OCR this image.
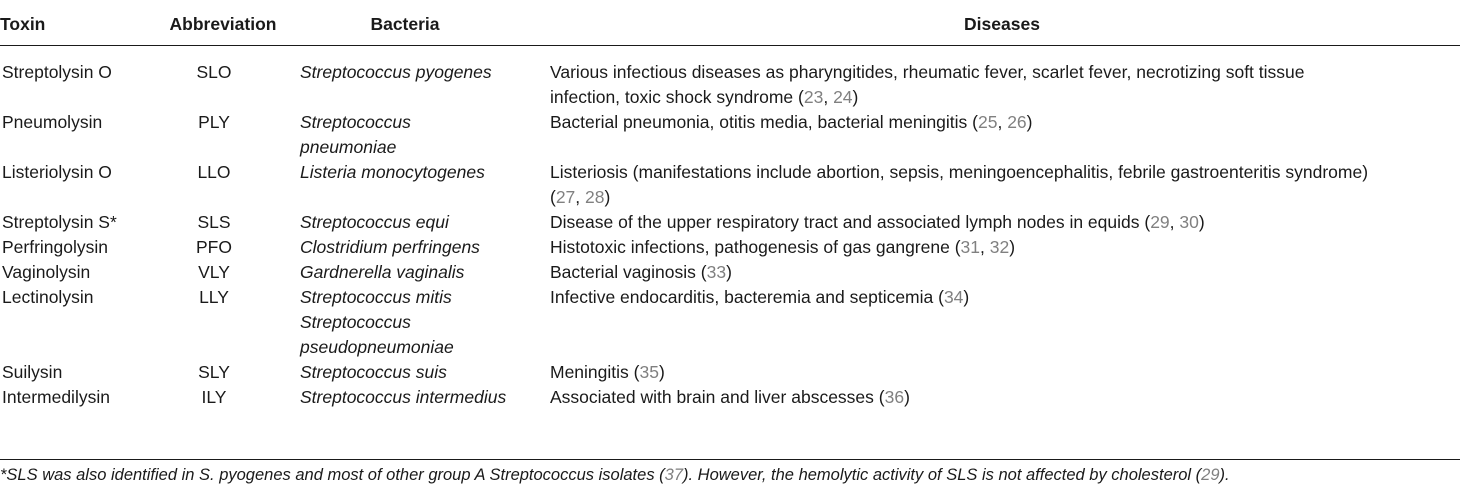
Toxin	Abbreviation	Bacteria	Diseases
Streptolysin O	SLO	Streptococcus pyogenes	Various infectious diseases as pharyngitides, rheumatic fever, scarlet fever, necrotizing soft tissue
infection, toxic shock syndrome (23, 24)
Pneumolysin	PLY	Streptococcus
pneumoniae	Bacterial pneumonia, otitis media, bacterial meningitis (25, 26)
Listeriolysin O	LLO	Listeria monocytogenes	Listeriosis (manifestations include abortion, sepsis, meningoencephalitis, febrile gastroenteritis syndrome)
(27, 28)
Streptolysin S*	SLS	Streptococcus equi	Disease of the upper respiratory tract and associated lymph nodes in equids (29, 30)
Perfringolysin	PFO	Clostridium perfringens	Histotoxic infections, pathogenesis of gas gangrene (31, 32)
Vaginolysin	VLY	Gardnerella vaginalis	Bacterial vaginosis (33)
Lectinolysin	LLY	Streptococcus mitis
Streptococcus
pseudopneumoniae	Infective endocarditis, bacteremia and septicemia (34)
Suilysin	SLY	Streptococcus suis	Meningitis (35)
Intermedilysin	ILY	Streptococcus intermedius	Associated with brain and liver abscesses (36)
*SLS was also identified in S. pyogenes and most of other group A Streptococcus isolates (37). However, the hemolytic activity of SLS is not affected by cholesterol (29).
